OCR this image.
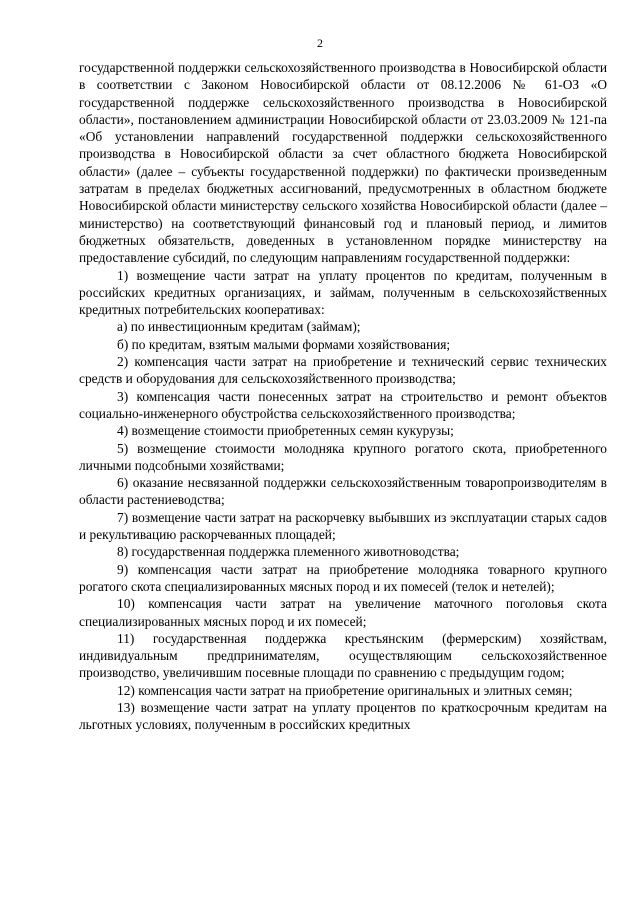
2

государственной поддержки сельскохозяйственного производства в Новосибирской области в соответствии с Законом Новосибирской области от 08.12.2006 № 61-ОЗ «О государственной поддержке сельскохозяйственного производства в Новосибирской области», постановлением администрации Новосибирской области от 23.03.2009 № 121-па «Об установлении направлений государственной поддержки сельскохозяйственного производства в Новосибирской области за счет областного бюджета Новосибирской области» (далее – субъекты государственной поддержки) по фактически произведенным затратам в пределах бюджетных ассигнований, предусмотренных в областном бюджете Новосибирской области министерству сельского хозяйства Новосибирской области (далее – министерство) на соответствующий финансовый год и плановый период, и лимитов бюджетных обязательств, доведенных в установленном порядке министерству на предоставление субсидий, по следующим направлениям государственной поддержки:

1) возмещение части затрат на уплату процентов по кредитам, полученным в российских кредитных организациях, и займам, полученным в сельскохозяйственных кредитных потребительских кооперативах:

а) по инвестиционным кредитам (займам);

б) по кредитам, взятым малыми формами хозяйствования;

2) компенсация части затрат на приобретение и технический сервис технических средств и оборудования для сельскохозяйственного производства;

3) компенсация части понесенных затрат на строительство и ремонт объектов социально-инженерного обустройства сельскохозяйственного производства;

4) возмещение стоимости приобретенных семян кукурузы;

5) возмещение стоимости молодняка крупного рогатого скота, приобретенного личными подсобными хозяйствами;

6) оказание несвязанной поддержки сельскохозяйственным товаропроизводителям в области растениеводства;

7) возмещение части затрат на раскорчевку выбывших из эксплуатации старых садов и рекультивацию раскорчеванных площадей;

8) государственная поддержка племенного животноводства;

9) компенсация части затрат на приобретение молодняка товарного крупного рогатого скота специализированных мясных пород и их помесей (телок и нетелей);

10) компенсация части затрат на увеличение маточного поголовья скота специализированных мясных пород и их помесей;

11) государственная поддержка крестьянским (фермерским) хозяйствам, индивидуальным предпринимателям, осуществляющим сельскохозяйственное производство, увеличившим посевные площади по сравнению с предыдущим годом;

12) компенсация части затрат на приобретение оригинальных и элитных семян;

13) возмещение части затрат на уплату процентов по краткосрочным кредитам на льготных условиях, полученным в российских кредитных
